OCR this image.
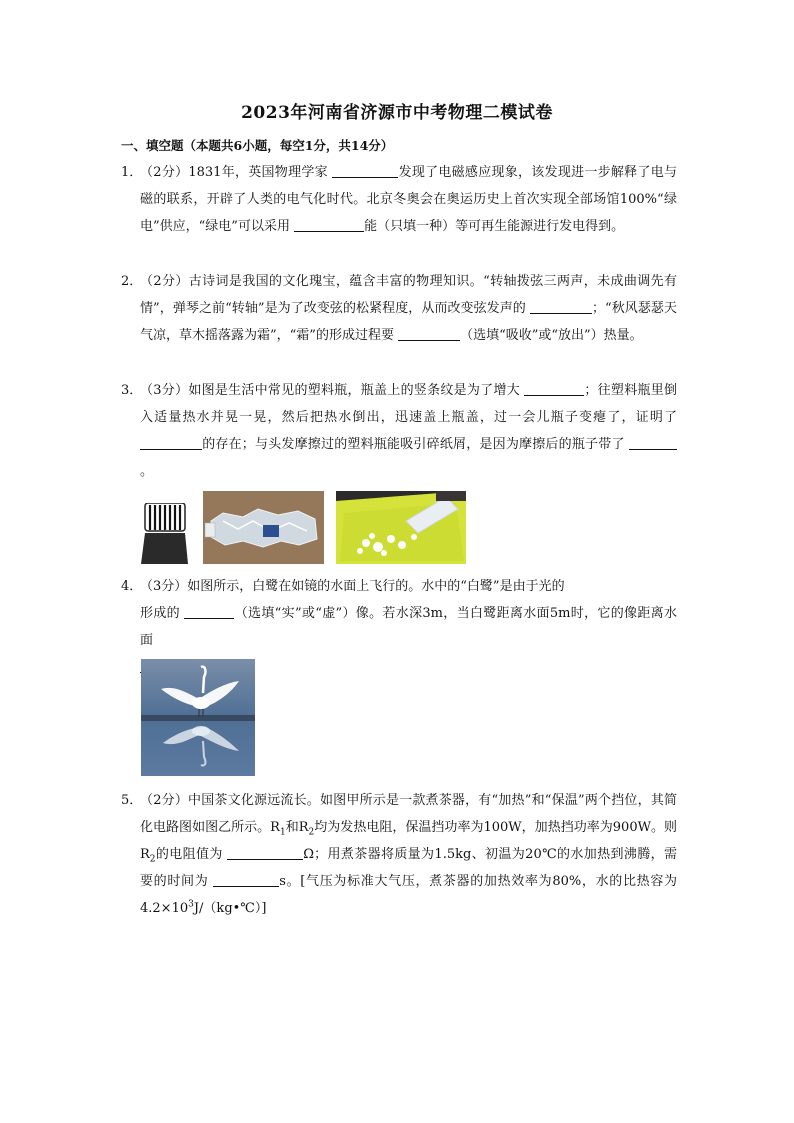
2023年河南省济源市中考物理二模试卷
一、填空题（本题共6小题，每空1分，共14分）
1．
（2分）1831年，英国物理学家	发现了电磁感应现象，该发现进一步解释了电与磁的联系，开辟了人类的电气化时代。北京冬奥会在奥运历史上首次实现全部场馆100%“绿电”供应，“绿电”可以采用	能（只填一种）等可再生能源进行发电得到。
2．
（2分）古诗词是我国的文化瑰宝，蕴含丰富的物理知识。“转轴拨弦三两声，未成曲调先有情”，弹琴之前“转轴”是为了改变弦的松紧程度，从而改变弦发声的	；“秋风瑟瑟天气凉，草木摇落露为霜”，“霜”的形成过程要	（选填“吸收”或“放出”）热量。
3．
（3分）如图是生活中常见的塑料瓶，瓶盖上的竖条纹是为了增大	；往塑料瓶里倒入适量热水并晃一晃，然后把热水倒出，迅速盖上瓶盖，过一会儿瓶子变瘪了，证明了 的存在；与头发摩擦过的塑料瓶能吸引碎纸屑，是因为摩擦后的瓶子带了 。
4．
（3分）如图所示，白鹭在如镜的水面上飞行的。水中的“白鹭”是由于光的
形成的	（选填“实”或“虚”）像。若水深3m，当白鹭距离水面5m时，它的像距离水面

5．
（2分）中国茶文化源远流长。如图甲所示是一款煮茶器，有“加热”和“保温”两个挡位，其简化电路图如图乙所示。$R_1$和$R_2$均为发热电阻，保温挡功率为100W，加热挡功率为900W。则$R_2$的电阻值为	Ω；用煮茶器将质量为1.5kg、初温为20℃的水加热到沸腾，需要的时间为	s。[气压为标准大气压，煮茶器的加热效率为80%，水的比热容为$4.2\times 10^3J/(kg•℃)$]
